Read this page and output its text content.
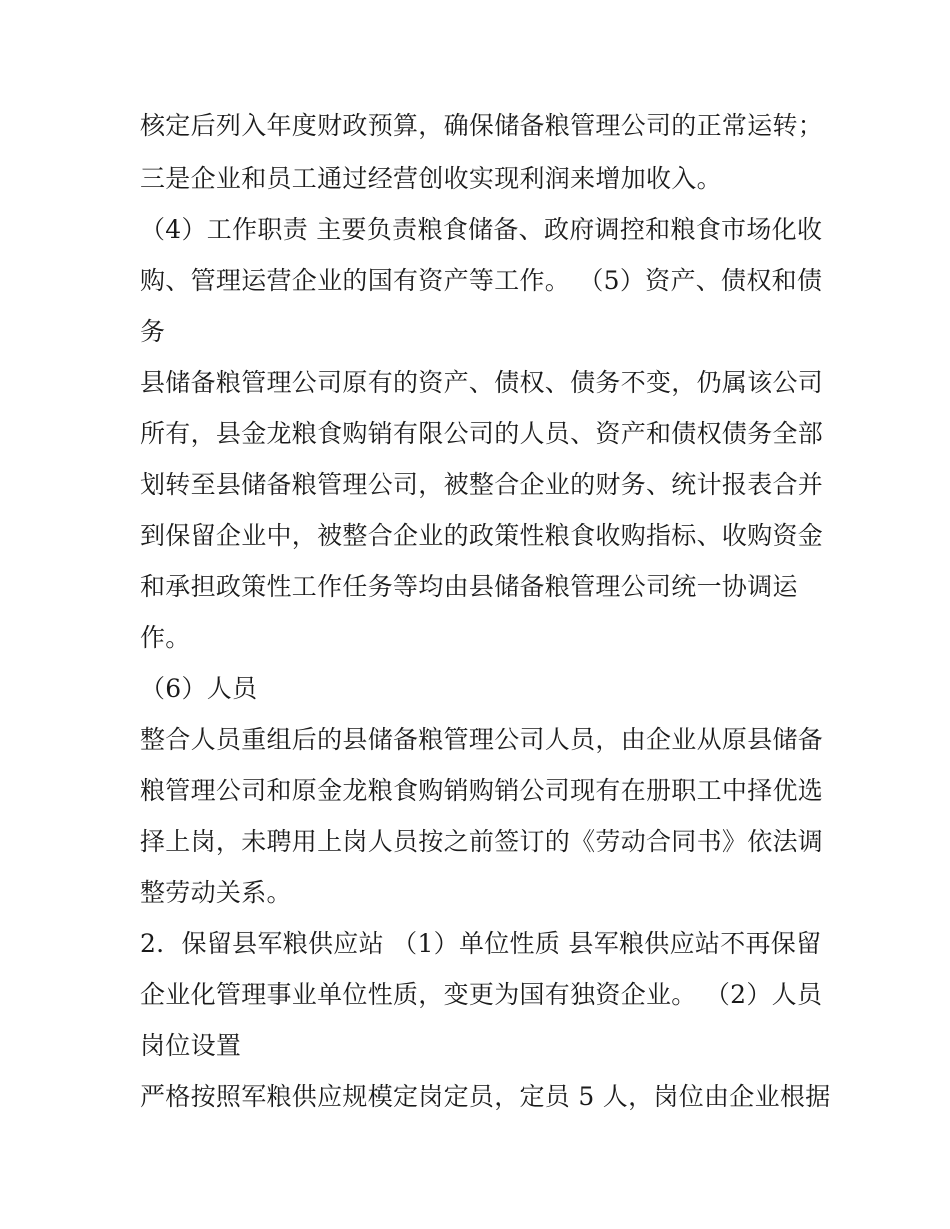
核定后列入年度财政预算，确保储备粮管理公司的正常运转；
三是企业和员工通过经营创收实现利润来增加收入。
（4）工作职责 主要负责粮食储备、政府调控和粮食市场化收
购、管理运营企业的国有资产等工作。 （5）资产、债权和债
务
县储备粮管理公司原有的资产、债权、债务不变，仍属该公司
所有，县金龙粮食购销有限公司的人员、资产和债权债务全部
划转至县储备粮管理公司，被整合企业的财务、统计报表合并
到保留企业中，被整合企业的政策性粮食收购指标、收购资金
和承担政策性工作任务等均由县储备粮管理公司统一协调运
作。
（6）人员
整合人员重组后的县储备粮管理公司人员，由企业从原县储备
粮管理公司和原金龙粮食购销购销公司现有在册职工中择优选
择上岗，未聘用上岗人员按之前签订的《劳动合同书》依法调
整劳动关系。
2．保留县军粮供应站 （1）单位性质 县军粮供应站不再保留
企业化管理事业单位性质，变更为国有独资企业。 （2）人员
岗位设置
严格按照军粮供应规模定岗定员，定员 5 人，岗位由企业根据
